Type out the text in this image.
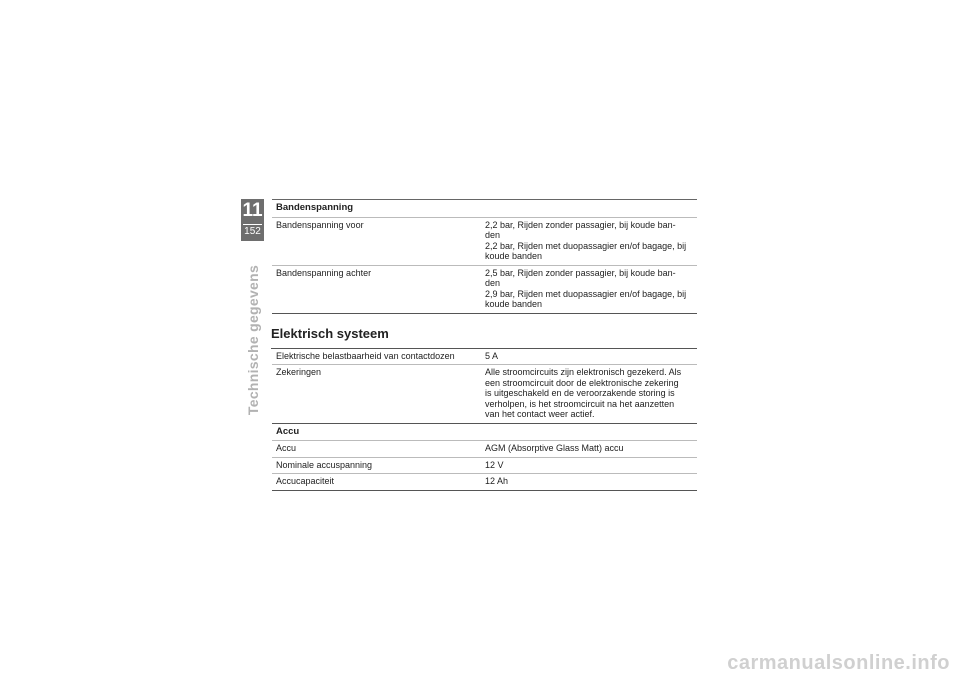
11
152
Technische gegevens
Bandenspanning
Bandenspanning voor	2,2 bar, Rijden zonder passagier, bij koude ban-
den
2,2 bar, Rijden met duopassagier en/of bagage, bij
koude banden
Bandenspanning achter	2,5 bar, Rijden zonder passagier, bij koude ban-
den
2,9 bar, Rijden met duopassagier en/of bagage, bij
koude banden
Elektrisch systeem
Elektrische belastbaarheid van contactdozen	5 A
Zekeringen	Alle stroomcircuits zijn elektronisch gezekerd. Als
een stroomcircuit door de elektronische zekering
is uitgeschakeld en de veroorzakende storing is
verholpen, is het stroomcircuit na het aanzetten
van het contact weer actief.
Accu
Accu	AGM (Absorptive Glass Matt) accu
Nominale accuspanning	12 V
Accucapaciteit	12 Ah
carmanualsonline.info
